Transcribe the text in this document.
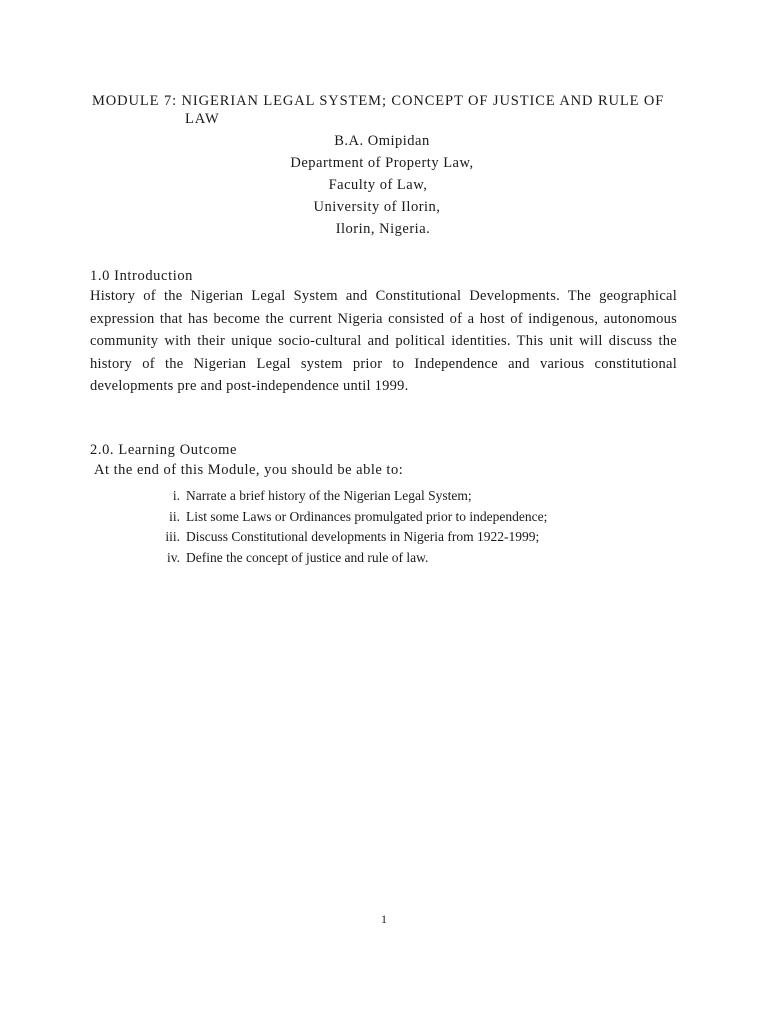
MODULE 7: NIGERIAN LEGAL SYSTEM; CONCEPT OF JUSTICE AND RULE OF
LAW
B.A. Omipidan
Department of Property Law,
Faculty of Law,
University of Ilorin,
Ilorin, Nigeria.
1.0 Introduction
History of the Nigerian Legal System and Constitutional Developments. The geographical expression that has become the current Nigeria consisted of a host of indigenous, autonomous community with their unique socio-cultural and political identities. This unit will discuss the history of the Nigerian Legal system prior to Independence and various constitutional developments pre and post-independence until 1999.
2.0. Learning Outcome
At the end of this Module, you should be able to:
i. Narrate a brief history of the Nigerian Legal System;
ii. List some Laws or Ordinances promulgated prior to independence;
iii. Discuss Constitutional developments in Nigeria from 1922-1999;
iv. Define the concept of justice and rule of law.
1
